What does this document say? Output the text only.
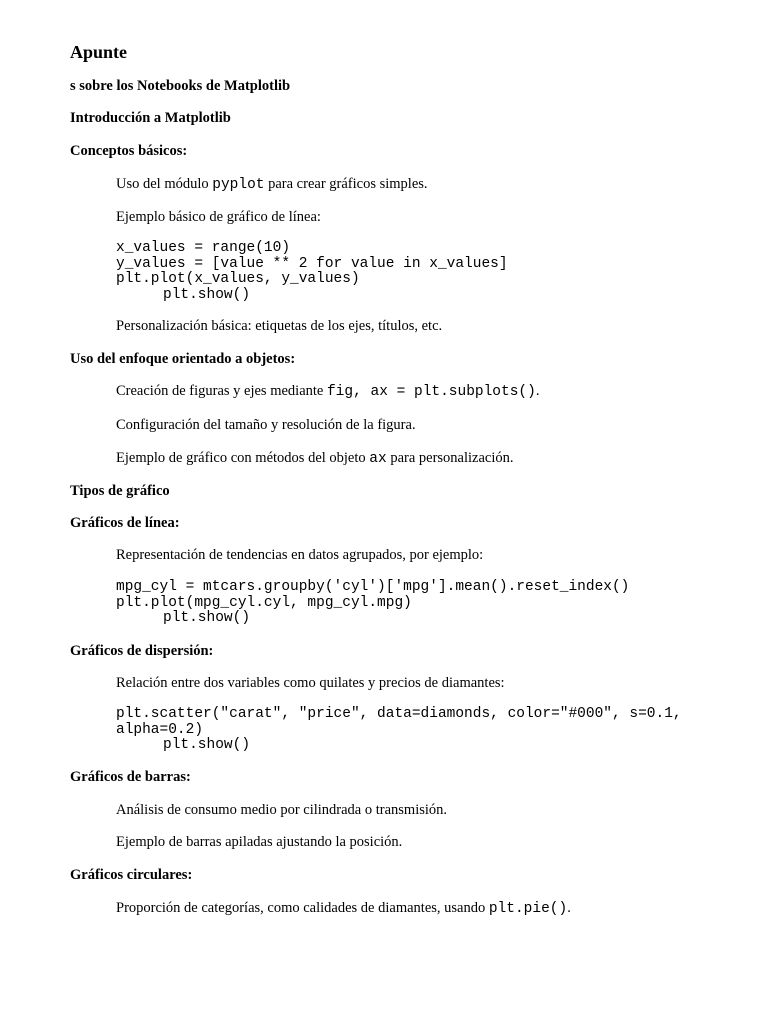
Apunte
s sobre los Notebooks de Matplotlib
Introducción a Matplotlib
Conceptos básicos:
Uso del módulo pyplot para crear gráficos simples.
Ejemplo básico de gráfico de línea:
x_values = range(10)
y_values = [value ** 2 for value in x_values]
plt.plot(x_values, y_values)
plt.show()
Personalización básica: etiquetas de los ejes, títulos, etc.
Uso del enfoque orientado a objetos:
Creación de figuras y ejes mediante fig, ax = plt.subplots().
Configuración del tamaño y resolución de la figura.
Ejemplo de gráfico con métodos del objeto ax para personalización.
Tipos de gráfico
Gráficos de línea:
Representación de tendencias en datos agrupados, por ejemplo:
mpg_cyl = mtcars.groupby('cyl')['mpg'].mean().reset_index()
plt.plot(mpg_cyl.cyl, mpg_cyl.mpg)
plt.show()
Gráficos de dispersión:
Relación entre dos variables como quilates y precios de diamantes:
plt.scatter("carat", "price", data=diamonds, color="#000", s=0.1,
alpha=0.2)
plt.show()
Gráficos de barras:
Análisis de consumo medio por cilindrada o transmisión.
Ejemplo de barras apiladas ajustando la posición.
Gráficos circulares:
Proporción de categorías, como calidades de diamantes, usando plt.pie().
